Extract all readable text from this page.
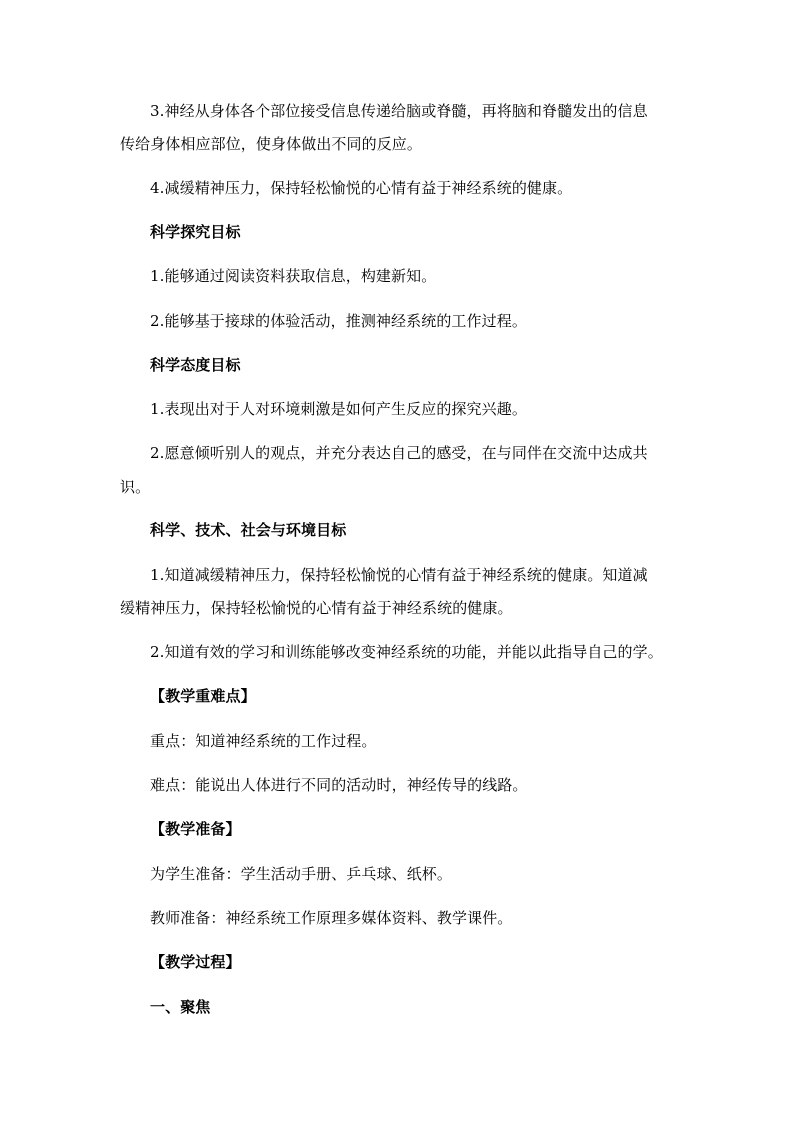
3.神经从身体各个部位接受信息传递给脑或脊髓，再将脑和脊髓发出的信息
传给身体相应部位，使身体做出不同的反应。
4.减缓精神压力，保持轻松愉悦的心情有益于神经系统的健康。
科学探究目标
1.能够通过阅读资料获取信息，构建新知。
2.能够基于接球的体验活动，推测神经系统的工作过程。
科学态度目标
1.表现出对于人对环境刺激是如何产生反应的探究兴趣。
2.愿意倾听别人的观点，并充分表达自己的感受，在与同伴在交流中达成共
识。
科学、技术、社会与环境目标
1.知道减缓精神压力，保持轻松愉悦的心情有益于神经系统的健康。知道减
缓精神压力，保持轻松愉悦的心情有益于神经系统的健康。
2.知道有效的学习和训练能够改变神经系统的功能，并能以此指导自己的学。
【教学重难点】
重点：知道神经系统的工作过程。
难点：能说出人体进行不同的活动时，神经传导的线路。
【教学准备】
为学生准备：学生活动手册、乒乓球、纸杯。
教师准备：神经系统工作原理多媒体资料、教学课件。
【教学过程】
一、聚焦
